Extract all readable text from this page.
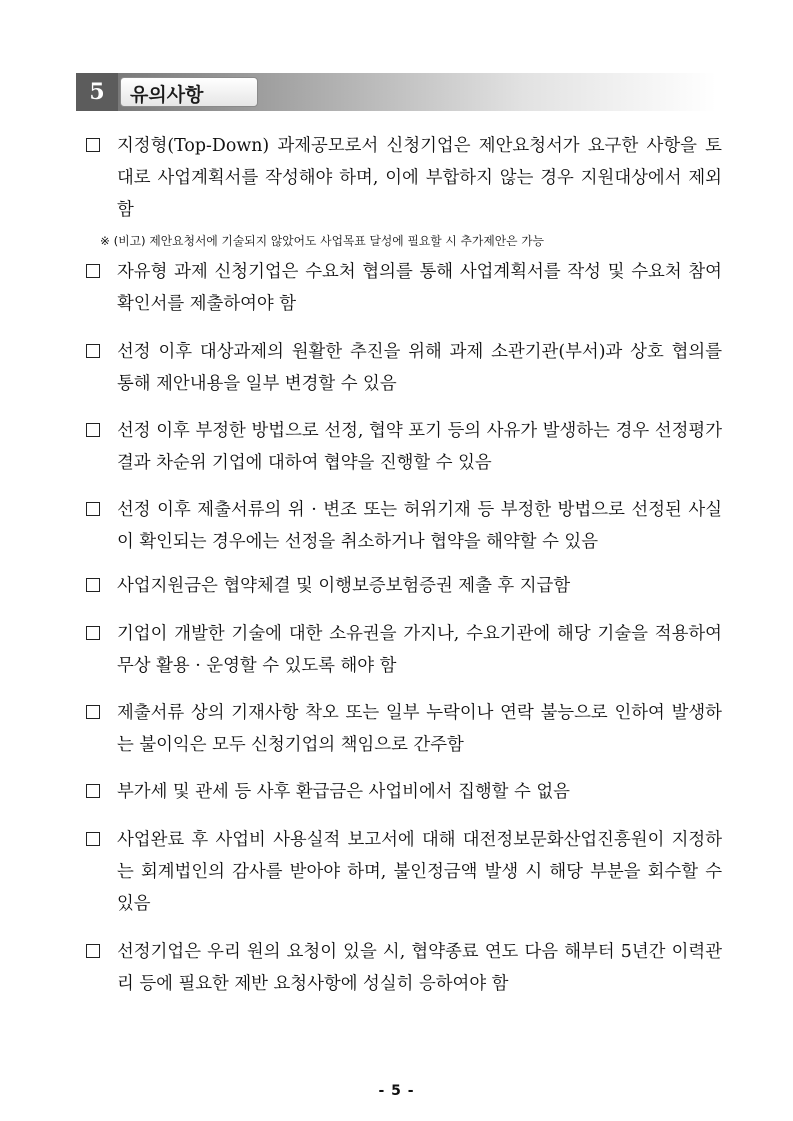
5	유의사항
지정형(Top-Down) 과제공모로서 신청기업은 제안요청서가 요구한 사항을 토대로 사업계획서를 작성해야 하며, 이에 부합하지 않는 경우 지원대상에서 제외함
※ (비고) 제안요청서에 기술되지 않았어도 사업목표 달성에 필요할 시 추가제안은 가능
자유형 과제 신청기업은 수요처 협의를 통해 사업계획서를 작성 및 수요처 참여 확인서를 제출하여야 함
선정 이후 대상과제의 원활한 추진을 위해 과제 소관기관(부서)과 상호 협의를 통해 제안내용을 일부 변경할 수 있음
선정 이후 부정한 방법으로 선정, 협약 포기 등의 사유가 발생하는 경우 선정평가결과 차순위 기업에 대하여 협약을 진행할 수 있음
선정 이후 제출서류의 위 · 변조 또는 허위기재 등 부정한 방법으로 선정된 사실이 확인되는 경우에는 선정을 취소하거나 협약을 해약할 수 있음
사업지원금은 협약체결 및 이행보증보험증권 제출 후 지급함
기업이 개발한 기술에 대한 소유권을 가지나, 수요기관에 해당 기술을 적용하여 무상 활용 · 운영할 수 있도록 해야 함
제출서류 상의 기재사항 착오 또는 일부 누락이나 연락 불능으로 인하여 발생하는 불이익은 모두 신청기업의 책임으로 간주함
부가세 및 관세 등 사후 환급금은 사업비에서 집행할 수 없음
사업완료 후 사업비 사용실적 보고서에 대해 대전정보문화산업진흥원이 지정하는 회계법인의 감사를 받아야 하며, 불인정금액 발생 시 해당 부분을 회수할 수 있음
선정기업은 우리 원의 요청이 있을 시, 협약종료 연도 다음 해부터 5년간 이력관리 등에 필요한 제반 요청사항에 성실히 응하여야 함
- 5 -
